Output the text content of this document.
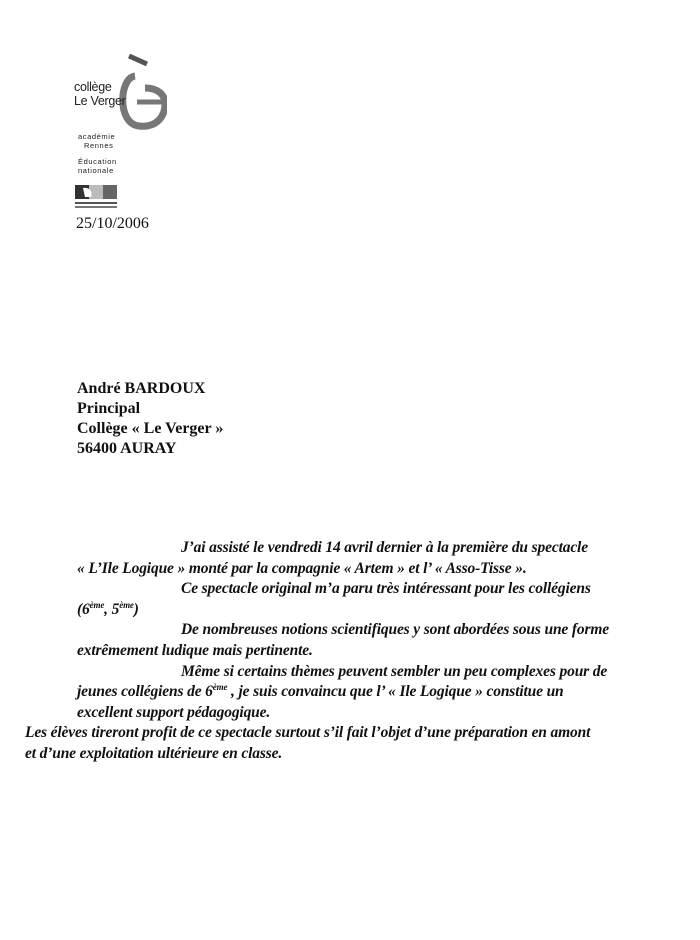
collège
Le Verger
académie
Rennes
Éducation
nationale
25/10/2006
André BARDOUX
Principal
Collège « Le Verger »
56400 AURAY

J’ai assisté le vendredi 14 avril dernier à la première du spectacle

« L’Ile Logique » monté par la compagnie « Artem » et l’ « Asso-Tisse ».

Ce spectacle original m’a paru très intéressant pour les collégiens

(6ème, 5ème)

De nombreuses notions scientifiques y sont abordées sous une forme

extrêmement ludique mais pertinente.

Même si certains thèmes peuvent sembler un peu complexes pour de

jeunes collégiens de 6ème , je suis convaincu que l’ « Ile Logique » constitue un

excellent support pédagogique.

Les élèves tireront profit de ce spectacle surtout s’il fait l’objet d’une préparation en amont

et d’une exploitation ultérieure en classe.
